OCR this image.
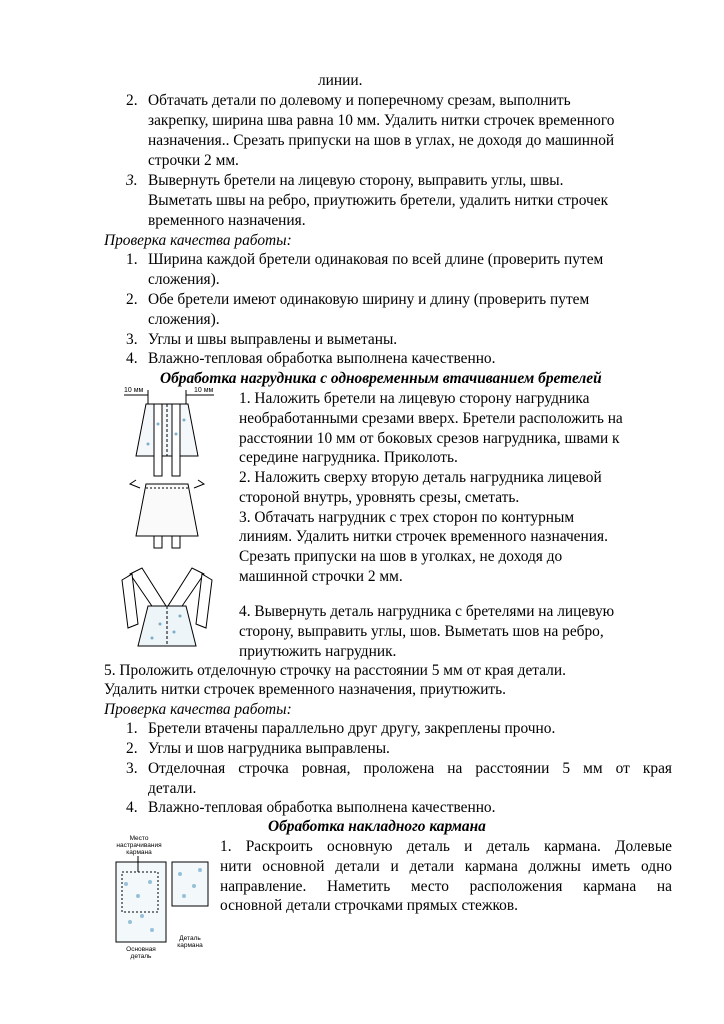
линии.
2. Обтачать детали по долевому и поперечному срезам, выполнить
закрепку, ширина шва равна 10 мм. Удалить нитки строчек временного
назначения.. Срезать припуски на шов в углах, не доходя до машинной
строчки 2 мм.
3. Вывернуть бретели на лицевую сторону, выправить углы, швы.
Выметать швы на ребро, приутюжить бретели, удалить нитки строчек
временного назначения.
Проверка качества работы:
1. Ширина каждой бретели одинаковая по всей длине (проверить путем
сложения).
2. Обе бретели имеют одинаковую ширину и длину (проверить путем
сложения).
3. Углы и швы выправлены и выметаны.
4. Влажно-тепловая обработка выполнена качественно.
Обработка нагрудника с одновременным втачиванием бретелей
10 мм	10 мм 1. Наложить бретели на лицевую сторону нагрудника
необработанными срезами вверх. Бретели расположить на
расстоянии 10 мм от боковых срезов нагрудника, швами к
середине нагрудника. Приколоть.
2. Наложить сверху вторую деталь нагрудника лицевой
стороной внутрь, уровнять срезы, сметать.
3. Обтачать нагрудник с трех сторон по контурным
линиям. Удалить нитки строчек временного назначения.
Срезать припуски на шов в уголках, не доходя до
машинной строчки 2 мм.
4. Вывернуть деталь нагрудника с бретелями на лицевую
сторону, выправить углы, шов. Выметать шов на ребро,
приутюжить нагрудник.
5. Проложить отделочную строчку на расстоянии 5 мм от края детали.
Удалить нитки строчек временного назначения, приутюжить.
Проверка качества работы:
1. Бретели втачены параллельно друг другу, закреплены прочно.
2. Углы и шов нагрудника выправлены.
3. Отделочная строчка ровная, проложена на расстоянии 5 мм от края
детали.
4. Влажно-тепловая обработка выполнена качественно.
Обработка накладного кармана
Место
настрачивания
кармана
Основная
деталь
Деталь
кармана
1. Раскроить основную деталь и деталь кармана. Долевые
нити основной детали и детали кармана должны иметь одно
направление. Наметить место расположения кармана на
основной детали строчками прямых стежков.
